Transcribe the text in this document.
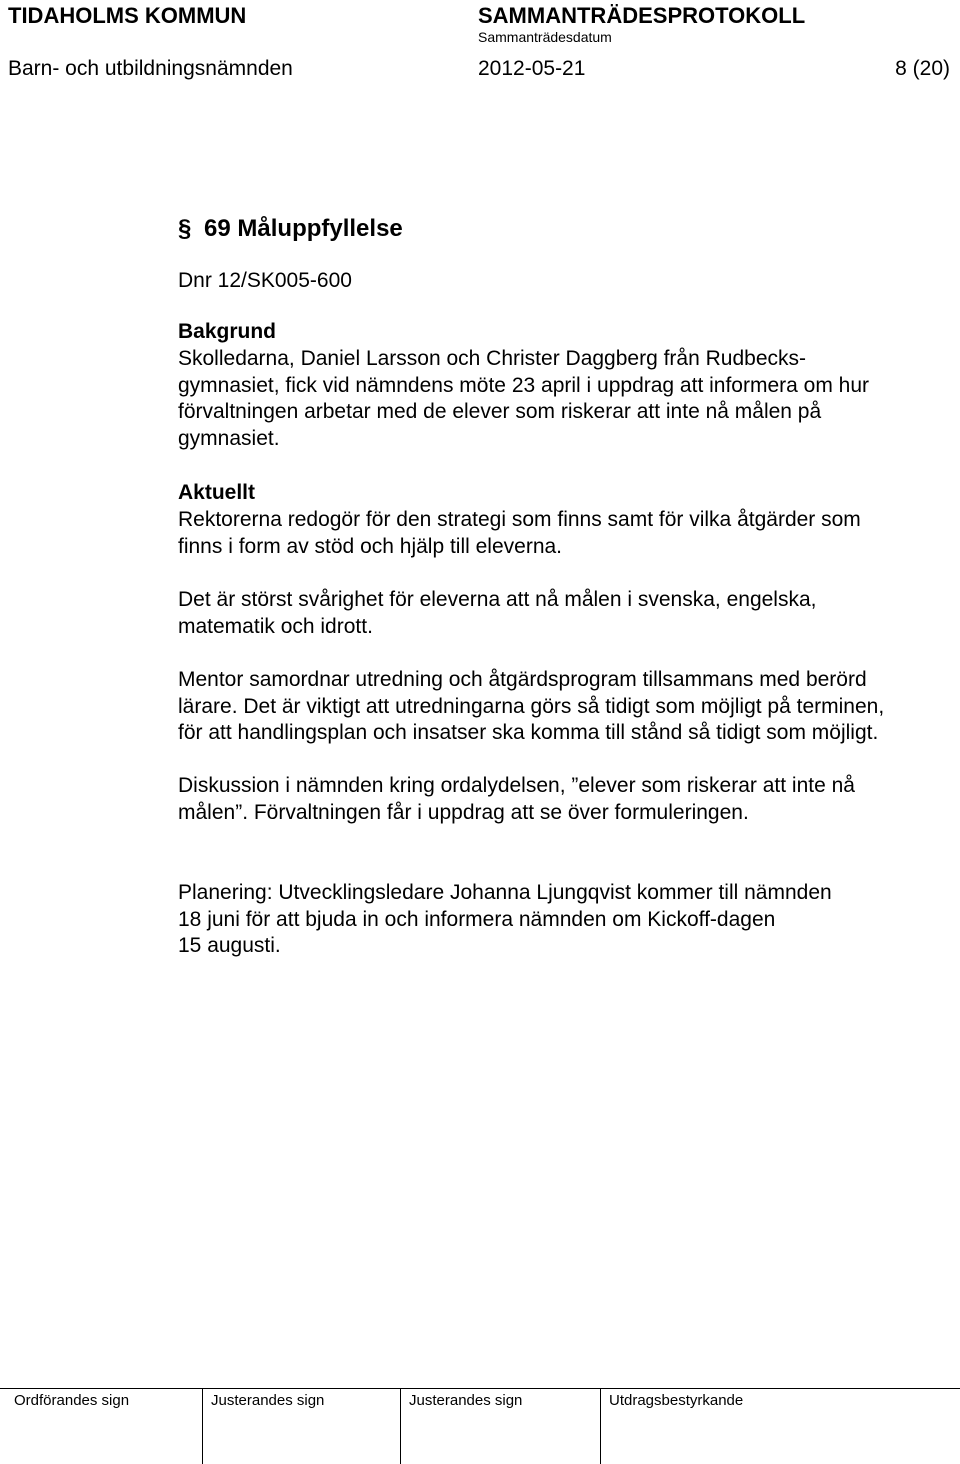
TIDAHOLMS KOMMUN	SAMMANTRÄDESPROTOKOLL
Sammanträdesdatum
Barn- och utbildningsnämnden	2012-05-21	8 (20)
§ 69 Måluppfyllelse
Dnr 12/SK005-600
Bakgrund
Skolledarna, Daniel Larsson och Christer Daggberg från Rudbecks-
gymnasiet, fick vid nämndens möte 23 april i uppdrag att informera om hur
förvaltningen arbetar med de elever som riskerar att inte nå målen på
gymnasiet.
Aktuellt
Rektorerna redogör för den strategi som finns samt för vilka åtgärder som
finns i form av stöd och hjälp till eleverna.
Det är störst svårighet för eleverna att nå målen i svenska, engelska,
matematik och idrott.
Mentor samordnar utredning och åtgärdsprogram tillsammans med berörd
lärare. Det är viktigt att utredningarna görs så tidigt som möjligt på terminen,
för att handlingsplan och insatser ska komma till stånd så tidigt som möjligt.
Diskussion i nämnden kring ordalydelsen, ”elever som riskerar att inte nå
målen”. Förvaltningen får i uppdrag att se över formuleringen.
Planering: Utvecklingsledare Johanna Ljungqvist kommer till nämnden
18 juni för att bjuda in och informera nämnden om Kickoff-dagen
15 augusti.
Ordförandes sign	Justerandes sign	Justerandes sign	Utdragsbestyrkande
